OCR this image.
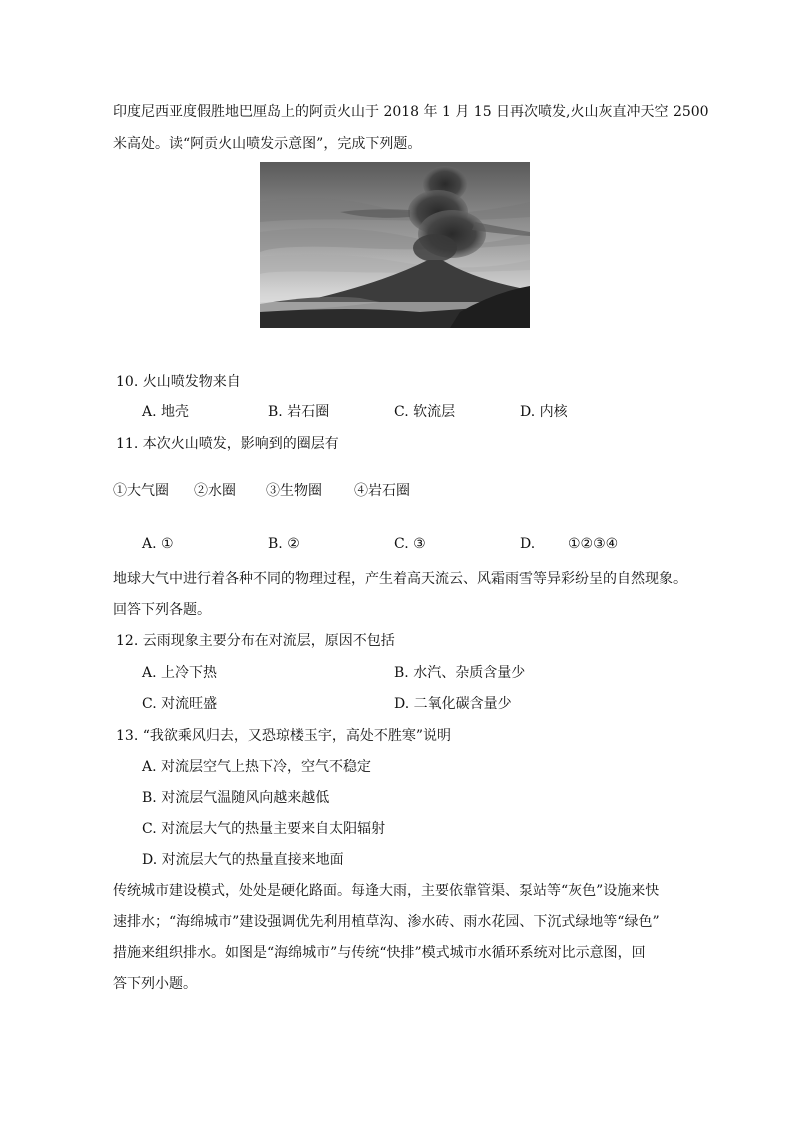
印度尼西亚度假胜地巴厘岛上的阿贡火山于 2018 年 1 月 15 日再次喷发,火山灰直冲天空 2500
米高处。读“阿贡火山喷发示意图”，完成下列题。
10. 火山喷发物来自
A. 地壳	B. 岩石圈	C. 软流层	D. 内核
11. 本次火山喷发，影响到的圈层有
①大气圈 ②水圈 ③生物圈 ④岩石圈
A. ①	B. ②	C. ③	D. ①②③④
地球大气中进行着各种不同的物理过程，产生着高天流云、风霜雨雪等异彩纷呈的自然现象。
回答下列各题。
12. 云雨现象主要分布在对流层，原因不包括
A. 上冷下热	B. 水汽、杂质含量少
C. 对流旺盛	D. 二氧化碳含量少
13. “我欲乘风归去，又恐琼楼玉宇，高处不胜寒”说明
A. 对流层空气上热下冷，空气不稳定
B. 对流层气温随风向越来越低
C. 对流层大气的热量主要来自太阳辐射
D. 对流层大气的热量直接来地面
传统城市建设模式，处处是硬化路面。每逢大雨，主要依靠管渠、泵站等“灰色”设施来快
速排水；“海绵城市”建设强调优先利用植草沟、渗水砖、雨水花园、下沉式绿地等“绿色”
措施来组织排水。如图是“海绵城市”与传统“快排”模式城市水循环系统对比示意图，回
答下列小题。
